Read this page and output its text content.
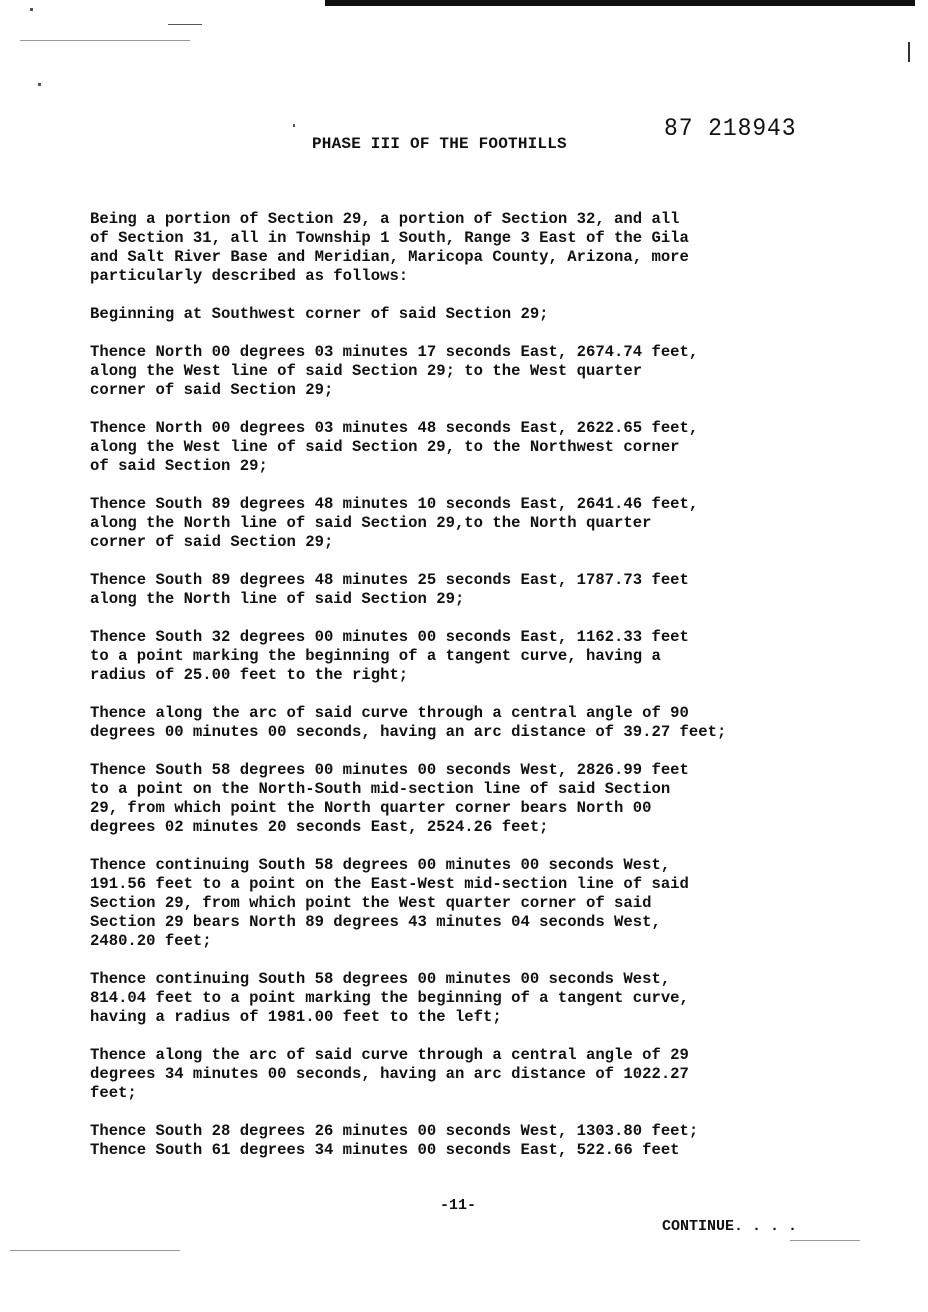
PHASE III OF THE FOOTHILLS
87 218943
Being a portion of Section 29, a portion of Section 32, and all
of Section 31, all in Township 1 South, Range 3 East of the Gila
and Salt River Base and Meridian, Maricopa County, Arizona, more
particularly described as follows:
Beginning at Southwest corner of said Section 29;
Thence North 00 degrees 03 minutes 17 seconds East, 2674.74 feet,
along the West line of said Section 29; to the West quarter
corner of said Section 29;
Thence North 00 degrees 03 minutes 48 seconds East, 2622.65 feet,
along the West line of said Section 29, to the Northwest corner
of said Section 29;
Thence South 89 degrees 48 minutes 10 seconds East, 2641.46 feet,
along the North line of said Section 29,to the North quarter
corner of said Section 29;
Thence South 89 degrees 48 minutes 25 seconds East, 1787.73 feet
along the North line of said Section 29;
Thence South 32 degrees 00 minutes 00 seconds East, 1162.33 feet
to a point marking the beginning of a tangent curve, having a
radius of 25.00 feet to the right;
Thence along the arc of said curve through a central angle of 90
degrees 00 minutes 00 seconds, having an arc distance of 39.27 feet;
Thence South 58 degrees 00 minutes 00 seconds West, 2826.99 feet
to a point on the North-South mid-section line of said Section
29, from which point the North quarter corner bears North 00
degrees 02 minutes 20 seconds East, 2524.26 feet;
Thence continuing South 58 degrees 00 minutes 00 seconds West,
191.56 feet to a point on the East-West mid-section line of said
Section 29, from which point the West quarter corner of said
Section 29 bears North 89 degrees 43 minutes 04 seconds West,
2480.20 feet;
Thence continuing South 58 degrees 00 minutes 00 seconds West,
814.04 feet to a point marking the beginning of a tangent curve,
having a radius of 1981.00 feet to the left;
Thence along the arc of said curve through a central angle of 29
degrees 34 minutes 00 seconds, having an arc distance of 1022.27
feet;
Thence South 28 degrees 26 minutes 00 seconds West, 1303.80 feet;
Thence South 61 degrees 34 minutes 00 seconds East, 522.66 feet
-11-
CONTINUE. . . .
